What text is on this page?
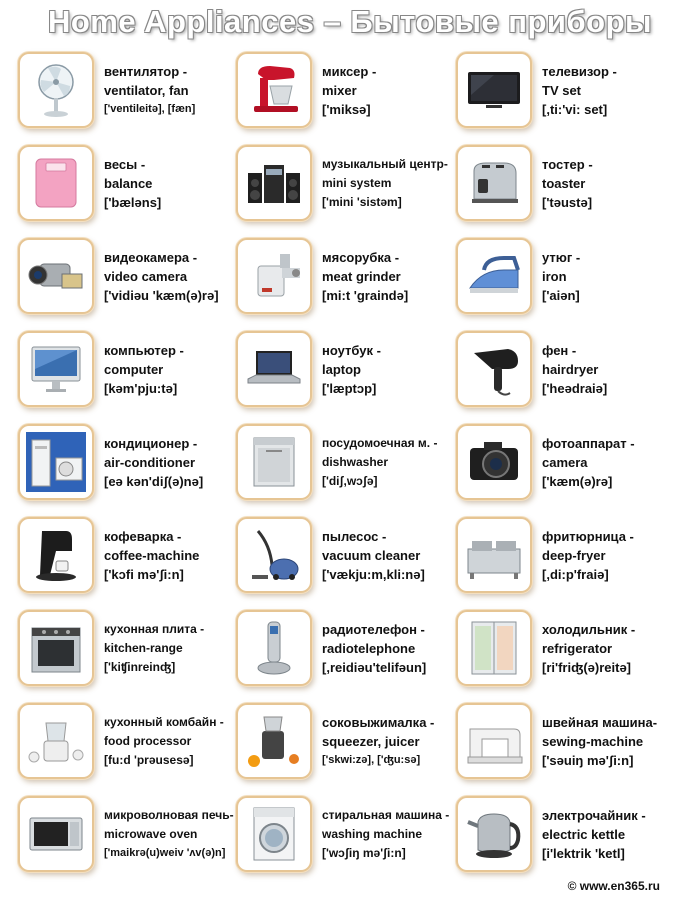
Home Appliances – Бытовые приборы
вентилятор -
ventilator, fan
['ventileitə], [fæn]
миксер -
mixer
['miksə]
телевизор -
TV set
[,ti:'vi: set]
весы -
balance
['bæləns]
музыкальный центр-
mini system
['mini 'sistəm]
тостер -
toaster
['təustə]
видеокамера -
video camera
['vidiəu 'kæm(ə)rə]
мясорубка -
meat grinder
[mi:t 'graində]
утюг -
iron
['aiən]
компьютер -
computer
[kəm'pju:tə]
ноутбук -
laptop
['læptɔp]
фен -
hairdryer
['heədraiə]
кондиционер -
air-conditioner
[eə kən'diʃ(ə)nə]
посудомоечная м. -
dishwasher
['diʃ,wɔʃə]
фотоаппарат -
camera
['kæm(ə)rə]
кофеварка -
coffee-machine
['kɔfi mə'ʃi:n]
пылесос -
vacuum cleaner
['vækju:m,kli:nə]
фритюрница -
deep-fryer
[,di:p'fraiə]
кухонная плита -
kitchen-range
['kiʧinreinʤ]
радиотелефон -
radiotelephone
[,reidiəu'telifəun]
холодильник -
refrigerator
[ri'friʤ(ə)reitə]
кухонный комбайн -
food processor
[fu:d 'prəusesə]
соковыжималка -
squeezer, juicer
['skwi:zə], ['ʤu:sə]
швейная машина-
sewing-machine
['səuiŋ mə'ʃi:n]
микроволновая печь-
microwave oven
['maikrə(u)weiv 'ʌv(ə)n]
стиральная машина -
washing machine
['wɔʃiŋ mə'ʃi:n]
электрочайник -
electric kettle
[i'lektrik 'ketl]
© www.en365.ru
